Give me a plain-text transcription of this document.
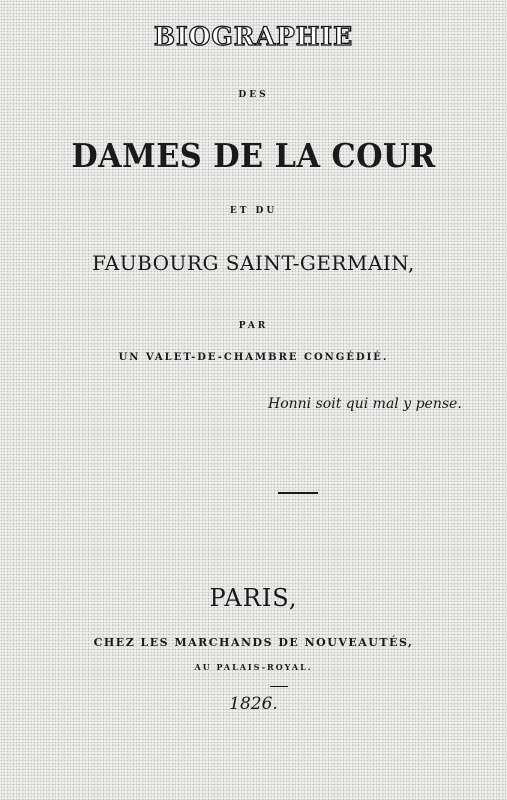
BIOGRAPHIE
DES
DAMES DE LA COUR
ET DU
FAUBOURG SAINT-GERMAIN,
PAR
UN VALET-DE-CHAMBRE CONGÉDIÉ.
Honni soit qui mal y pense.
PARIS,
CHEZ LES MARCHANDS DE NOUVEAUTÉS,
AU PALAIS-ROYAL.
1826.
